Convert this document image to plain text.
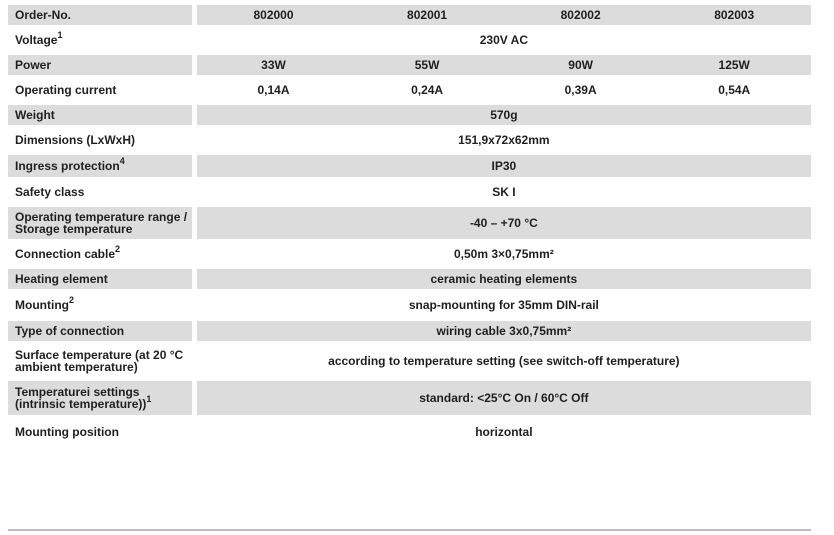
Order-No.		802000	802001	802002	802003
Voltage$^1$		230V AC			
Power		33W	55W	90W	125W
Operating current		0,14A	0,24A	0,39A	0,54A
Weight		570g			
Dimensions (LxWxH)		151,9x72x62mm			
Ingress protection$^4$		IP30			
Safety class		SK I			
Operating temperature range / Storage temperature		-40 – +70 °C			
Connection cable$^2$		0,50m 3×0,75mm²			
Heating element		ceramic heating elements			
Mounting$^2$		snap-mounting for 35mm DIN-rail			
Type of connection		wiring cable 3x0,75mm²			
Surface temperature (at 20 °C ambient temperature)		according to temperature setting (see switch-off temperature)			
Temperaturei settings (intrinsic temperature))$^1$		standard: <25°C On / 60°C Off			
Mounting position		horizontal			
